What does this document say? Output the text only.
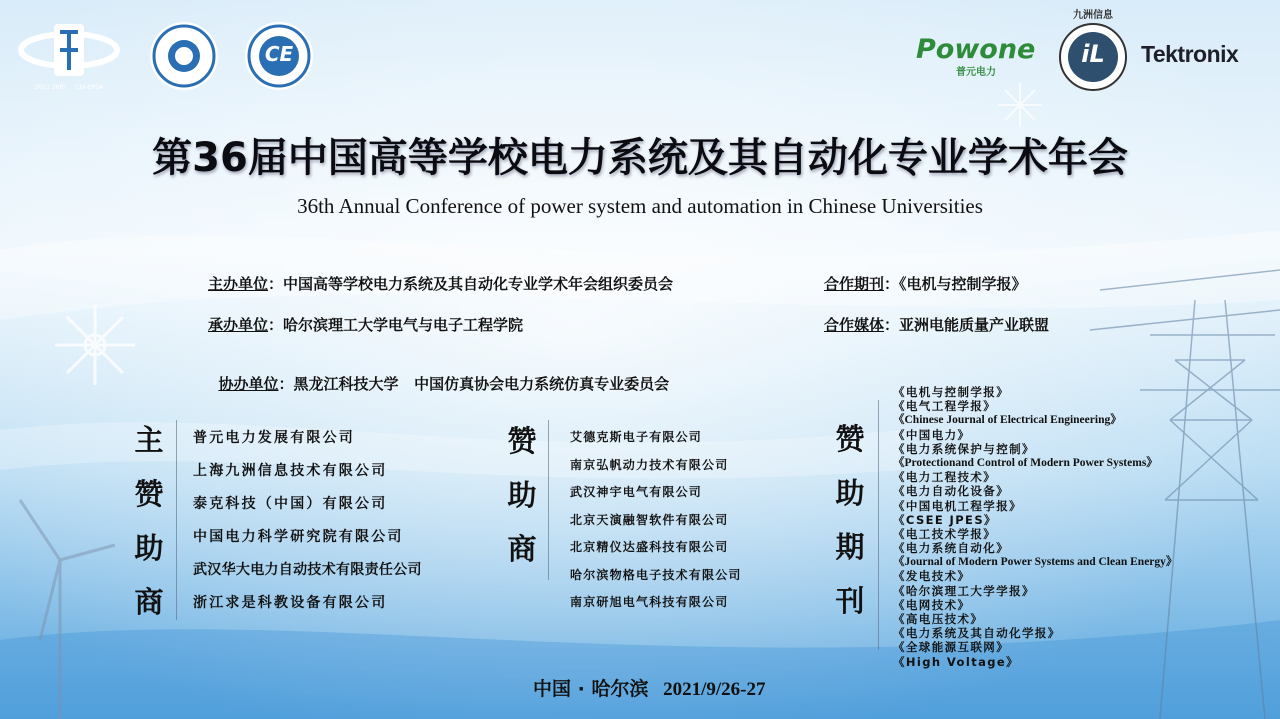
2021 36th     CUI-EPSA
CE	Powone
普元电力
九洲信息
iL	Tektronix
第36届中国高等学校电力系统及其自动化专业学术年会
36th Annual Conference of power system and automation in Chinese Universities
主办单位：中国高等学校电力系统及其自动化专业学术年会组织委员会
承办单位：哈尔滨理工大学电气与电子工程学院

协办单位：黑龙江科技大学   中国仿真协会电力系统仿真专业委员会

合作期刊：《电机与控制学报》
合作媒体：亚洲电能质量产业联盟
主
赞
助
商
普元电力发展有限公司
上海九洲信息技术有限公司
泰克科技（中国）有限公司
中国电力科学研究院有限公司
武汉华大电力自动技术有限责任公司
浙江求是科教设备有限公司
赞
助
商
艾德克斯电子有限公司
南京弘帆动力技术有限公司
武汉神宇电气有限公司
北京天演融智软件有限公司
北京精仪达盛科技有限公司
哈尔滨物格电子技术有限公司
南京研旭电气科技有限公司
赞
助
期
刊
《电机与控制学报》
《电气工程学报》
《Chinese Journal of Electrical Engineering》
《中国电力》
《电力系统保护与控制》
《Protectionand Control of Modern Power Systems》
《电力工程技术》
《电力自动化设备》
《中国电机工程学报》
《CSEE JPES》
《电工技术学报》
《电力系统自动化》
《Journal of Modern Power Systems and Clean Energy》
《发电技术》
《哈尔滨理工大学学报》
《电网技术》
《高电压技术》
《电力系统及其自动化学报》
《全球能源互联网》
《High Voltage》
中国 · 哈尔滨 2021/9/26-27
